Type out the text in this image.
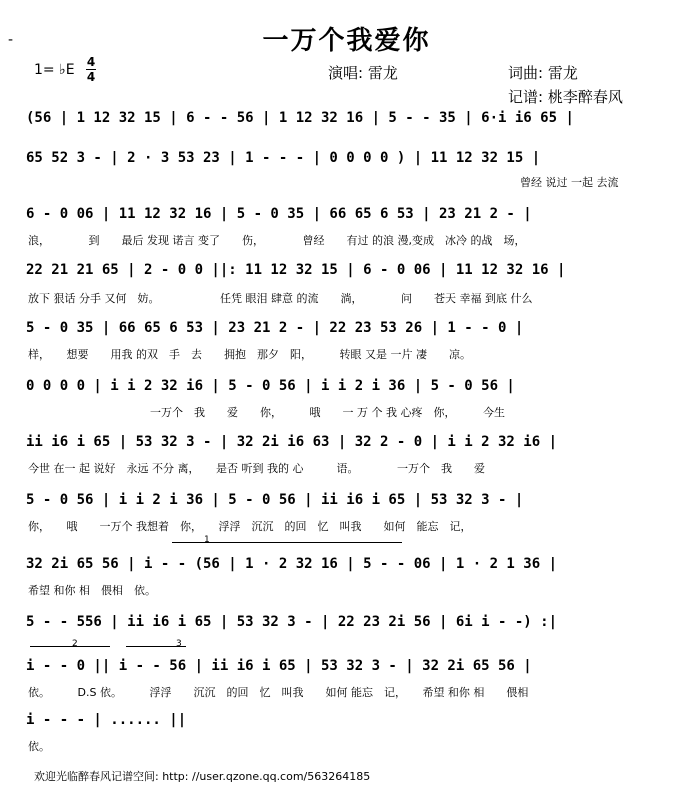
-	一万个我爱你
1= ♭E 4
4	演唱: 雷龙	词曲: 雷龙
记谱: 桃李醉春风
(56 | 1 12 32 15 | 6 - - 56 | 1 12 32 16 | 5 - - 35 | 6·i i6 65 |
65 52 3 - | 2 · 3 53 23 | 1 - - - | 0 0 0 0 ) | 11 12 32 15 |
曾经 说过 一起 去流
6 - 0 06 | 11 12 32 16 | 5 - 0 35 | 66 65 6 53 | 23 21 2 - |
浪，　　　　到　　最后 发现 诺言 变了　　伤，　　　　曾经　　有过 的浪 漫,变成　冰冷 的战　场，
22 21 21 65 | 2 - 0 0 ||: 11 12 32 15 | 6 - 0 06 | 11 12 32 16 |
放下 狠话 分手 又何　妨。　　　　　　任凭 眼泪 肆意 的流　　淌，　　　　问　　苍天 幸福 到底 什么
5 - 0 35 | 66 65 6 53 | 23 21 2 - | 22 23 53 26 | 1 - - 0 |
样，　　想要　　用我 的双　手　去　　拥抱　那夕　阳，　　　转眼 又是 一片 凄　　凉。
0 0 0 0 | i i 2 32 i6 | 5 - 0 56 | i i 2 i 36 | 5 - 0 56 |
一万个　我　　爱　　你，　　　哦　　一 万 个 我 心疼　你，　　　今生
ii i6 i 65 | 53 32 3 - | 32 2i i6 63 | 32 2 - 0 | i i 2 32 i6 |
今世 在一 起 说好　永远 不分 离，　　是否 听到 我的 心　　　语。　　　　一万个　我　　爱
5 - 0 56 | i i 2 i 36 | 5 - 0 56 | ii i6 i 65 | 53 32 3 - |
你，　　哦　　一万个 我想着　你，　　浮浮　沉沉　的回　忆　叫我　　如何　能忘　记，
32 2i 65 56 | i - - (56 | 1 · 2 32 16 | 5 - - 06 | 1 · 2 1 36 |
希望 和你 相　偎相　依。
5 - - 556 | ii i6 i 65 | 53 32 3 - | 22 23 2i 56 | 6i i - -) :|
i - - 0 || i - - 56 | ii i6 i 65 | 53 32 3 - | 32 2i 65 56 |
依。　　　D.S 依。　　　浮浮　　沉沉　的回　忆　叫我　　如何 能忘　记，　　希望 和你 相　　偎相
i - - - | ...... ||
依。
1
2	3
欢迎光临醉春风记谱空间: http: //user.qzone.qq.com/563264185
